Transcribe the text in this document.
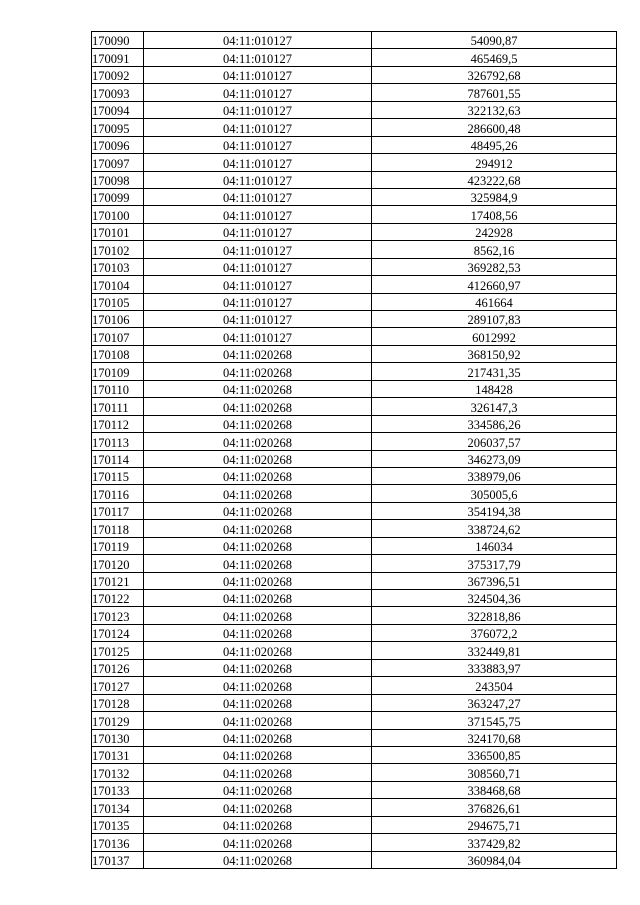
170090	04:11:010127	54090,87
170091	04:11:010127	465469,5
170092	04:11:010127	326792,68
170093	04:11:010127	787601,55
170094	04:11:010127	322132,63
170095	04:11:010127	286600,48
170096	04:11:010127	48495,26
170097	04:11:010127	294912
170098	04:11:010127	423222,68
170099	04:11:010127	325984,9
170100	04:11:010127	17408,56
170101	04:11:010127	242928
170102	04:11:010127	8562,16
170103	04:11:010127	369282,53
170104	04:11:010127	412660,97
170105	04:11:010127	461664
170106	04:11:010127	289107,83
170107	04:11:010127	6012992
170108	04:11:020268	368150,92
170109	04:11:020268	217431,35
170110	04:11:020268	148428
170111	04:11:020268	326147,3
170112	04:11:020268	334586,26
170113	04:11:020268	206037,57
170114	04:11:020268	346273,09
170115	04:11:020268	338979,06
170116	04:11:020268	305005,6
170117	04:11:020268	354194,38
170118	04:11:020268	338724,62
170119	04:11:020268	146034
170120	04:11:020268	375317,79
170121	04:11:020268	367396,51
170122	04:11:020268	324504,36
170123	04:11:020268	322818,86
170124	04:11:020268	376072,2
170125	04:11:020268	332449,81
170126	04:11:020268	333883,97
170127	04:11:020268	243504
170128	04:11:020268	363247,27
170129	04:11:020268	371545,75
170130	04:11:020268	324170,68
170131	04:11:020268	336500,85
170132	04:11:020268	308560,71
170133	04:11:020268	338468,68
170134	04:11:020268	376826,61
170135	04:11:020268	294675,71
170136	04:11:020268	337429,82
170137	04:11:020268	360984,04
